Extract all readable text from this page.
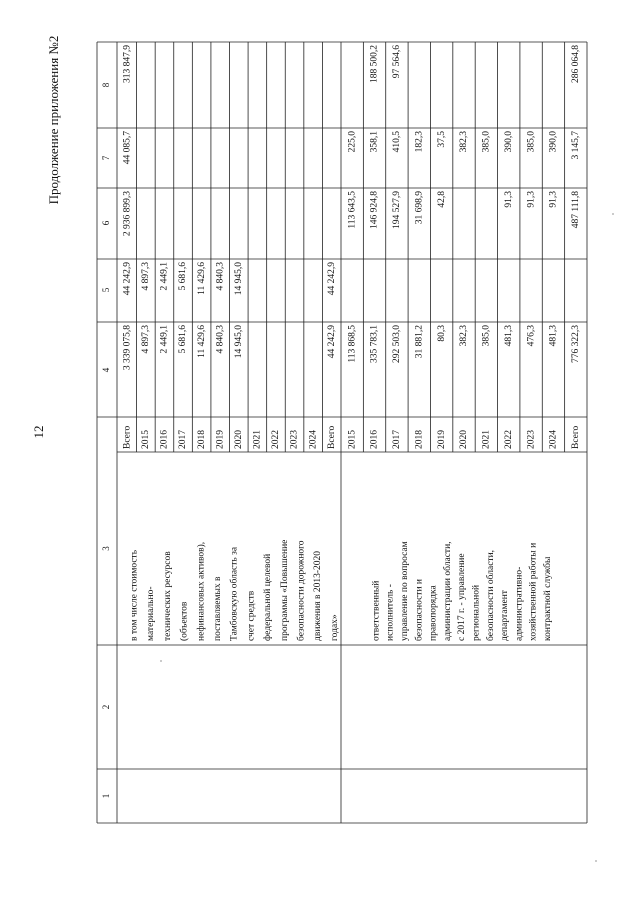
1
2
3
4
5
6
7
8
Всего
3 339 075,8
44 242,9
2 936 899,3
44 085,7
313 847,9
2015
4 897,3
4 897,3
2016
2 449,1
2 449,1
2017
5 681,6
5 681,6
2018
11 429,6
11 429,6
2019
4 840,3
4 840,3
2020
14 945,0
14 945,0
2021 2022 2023 2024 Всего
44 242,9
44 242,9
2015
113 868,5
113 643,5
225,0
2016
335 783,1
146 924,8
358,1
188 500,2
2017
292 503,0
194 527,9
410,5
97 564,6
2018
31 881,2
31 698,9
182,3
2019
80,3
42,8
37,5
2020
382,3
382,3
2021
385,0
385,0
2022
481,3
91,3
390,0
2023
476,3
91,3
385,0
2024
481,3
91,3
390,0
Всего
776 322,3
487 111,8
3 145,7
286 064,8
в том числе стоимость материально- технических ресурсов (объектов нефинансовых активов), поставляемых в Тамбовскую область за счет средств федеральной целевой программы «Повышение безопасности дорожного движения в 2013-2020 годах»	ответственный исполнитель - управление по вопросам безопасности и правопорядка администрации области, с 2017 г. - управление региональной безопасности области, департамент административно- хозяйственной работы и контрактной службы
12
Продолжение приложения №2
